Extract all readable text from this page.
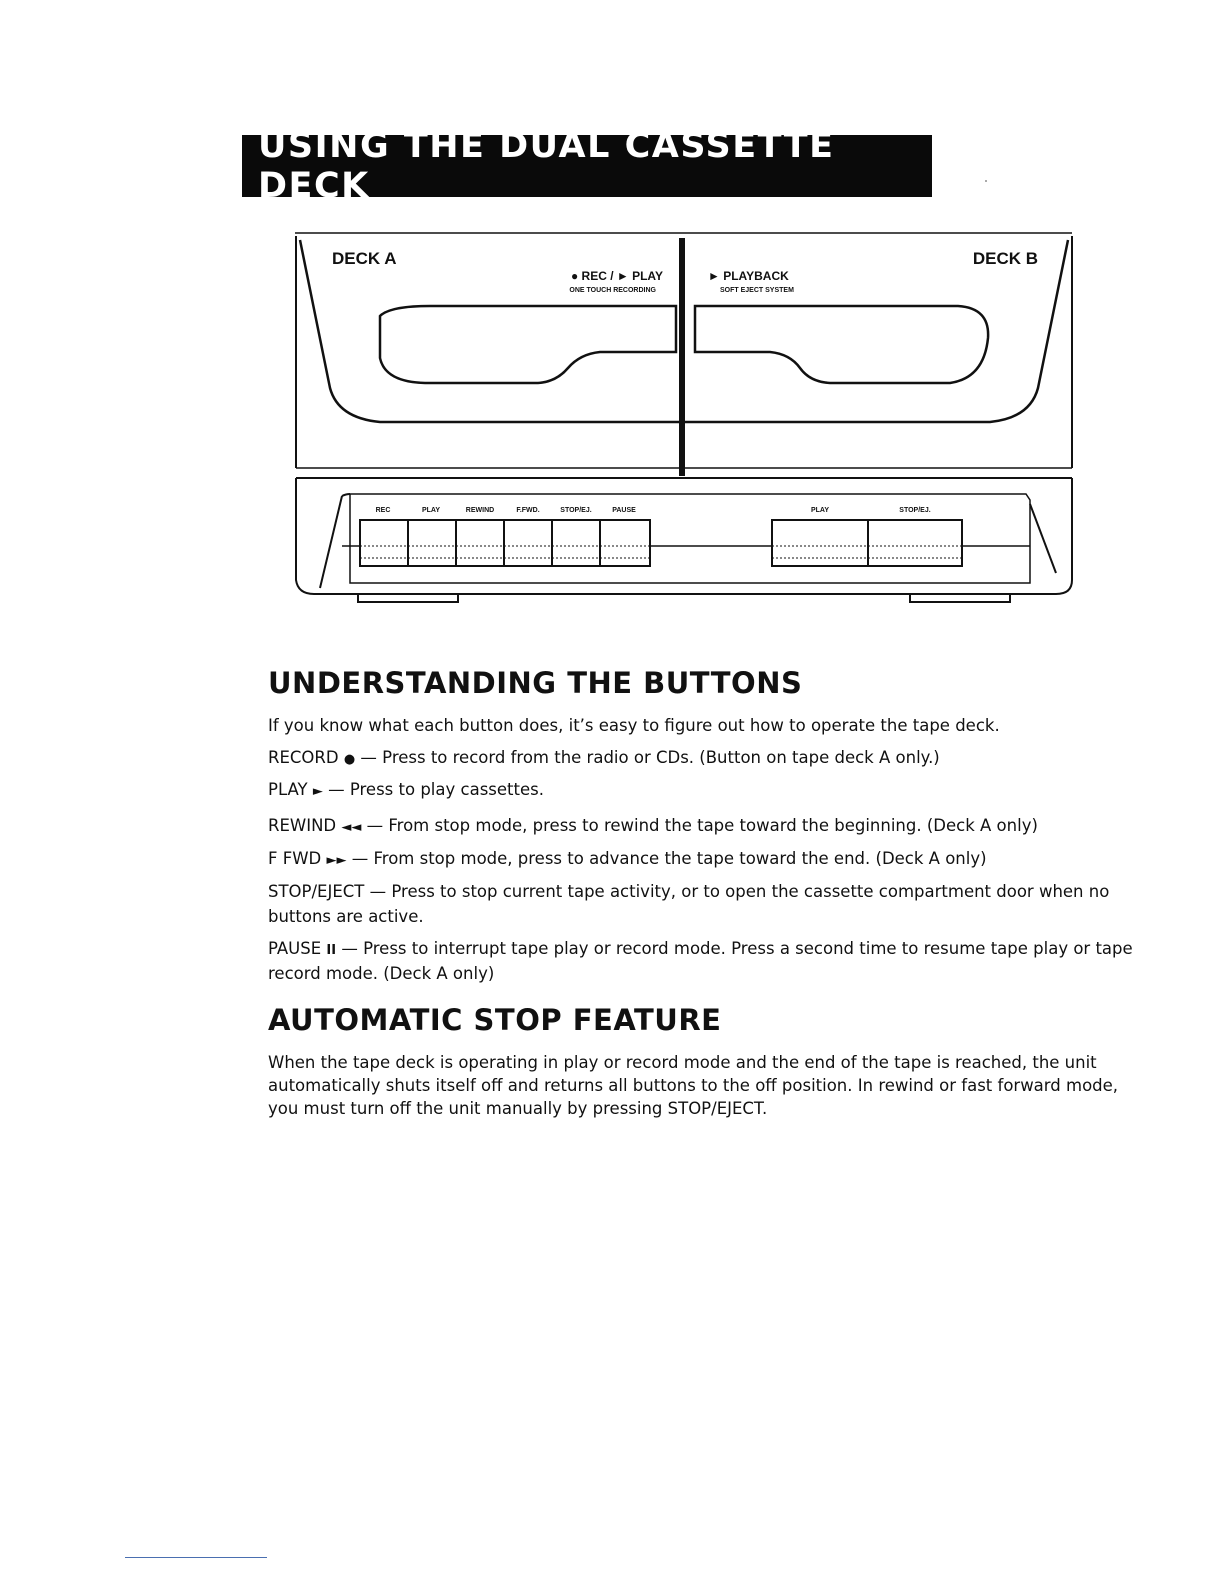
USING THE DUAL CASSETTE DECK
DECK A	DECK B
● REC / ► PLAY
ONE TOUCH RECORDING
► PLAYBACK
SOFT EJECT SYSTEM
REC	PLAY	REWIND	F.FWD.	STOP/EJ.	PAUSE	PLAY	STOP/EJ.
UNDERSTANDING THE BUTTONS

If you know what each button does, it’s easy to figure out how to operate the tape deck.

RECORD ● — Press to record from the radio or CDs. (Button on tape deck A only.)

PLAY ► — Press to play cassettes.

REWIND ◄◄ — From stop mode, press to rewind the tape toward the beginning. (Deck A only)

F FWD ►► — From stop mode, press to advance the tape toward the end. (Deck A only)

STOP/EJECT — Press to stop current tape activity, or to open the cassette compartment door when no buttons are active.

PAUSE II — Press to interrupt tape play or record mode. Press a second time to resume tape play or tape record mode. (Deck A only)

AUTOMATIC STOP FEATURE

When the tape deck is operating in play or record mode and the end of the tape is reached, the unit automatically shuts itself off and returns all buttons to the off position. In rewind or fast forward mode, you must turn off the unit manually by pressing STOP/EJECT.
